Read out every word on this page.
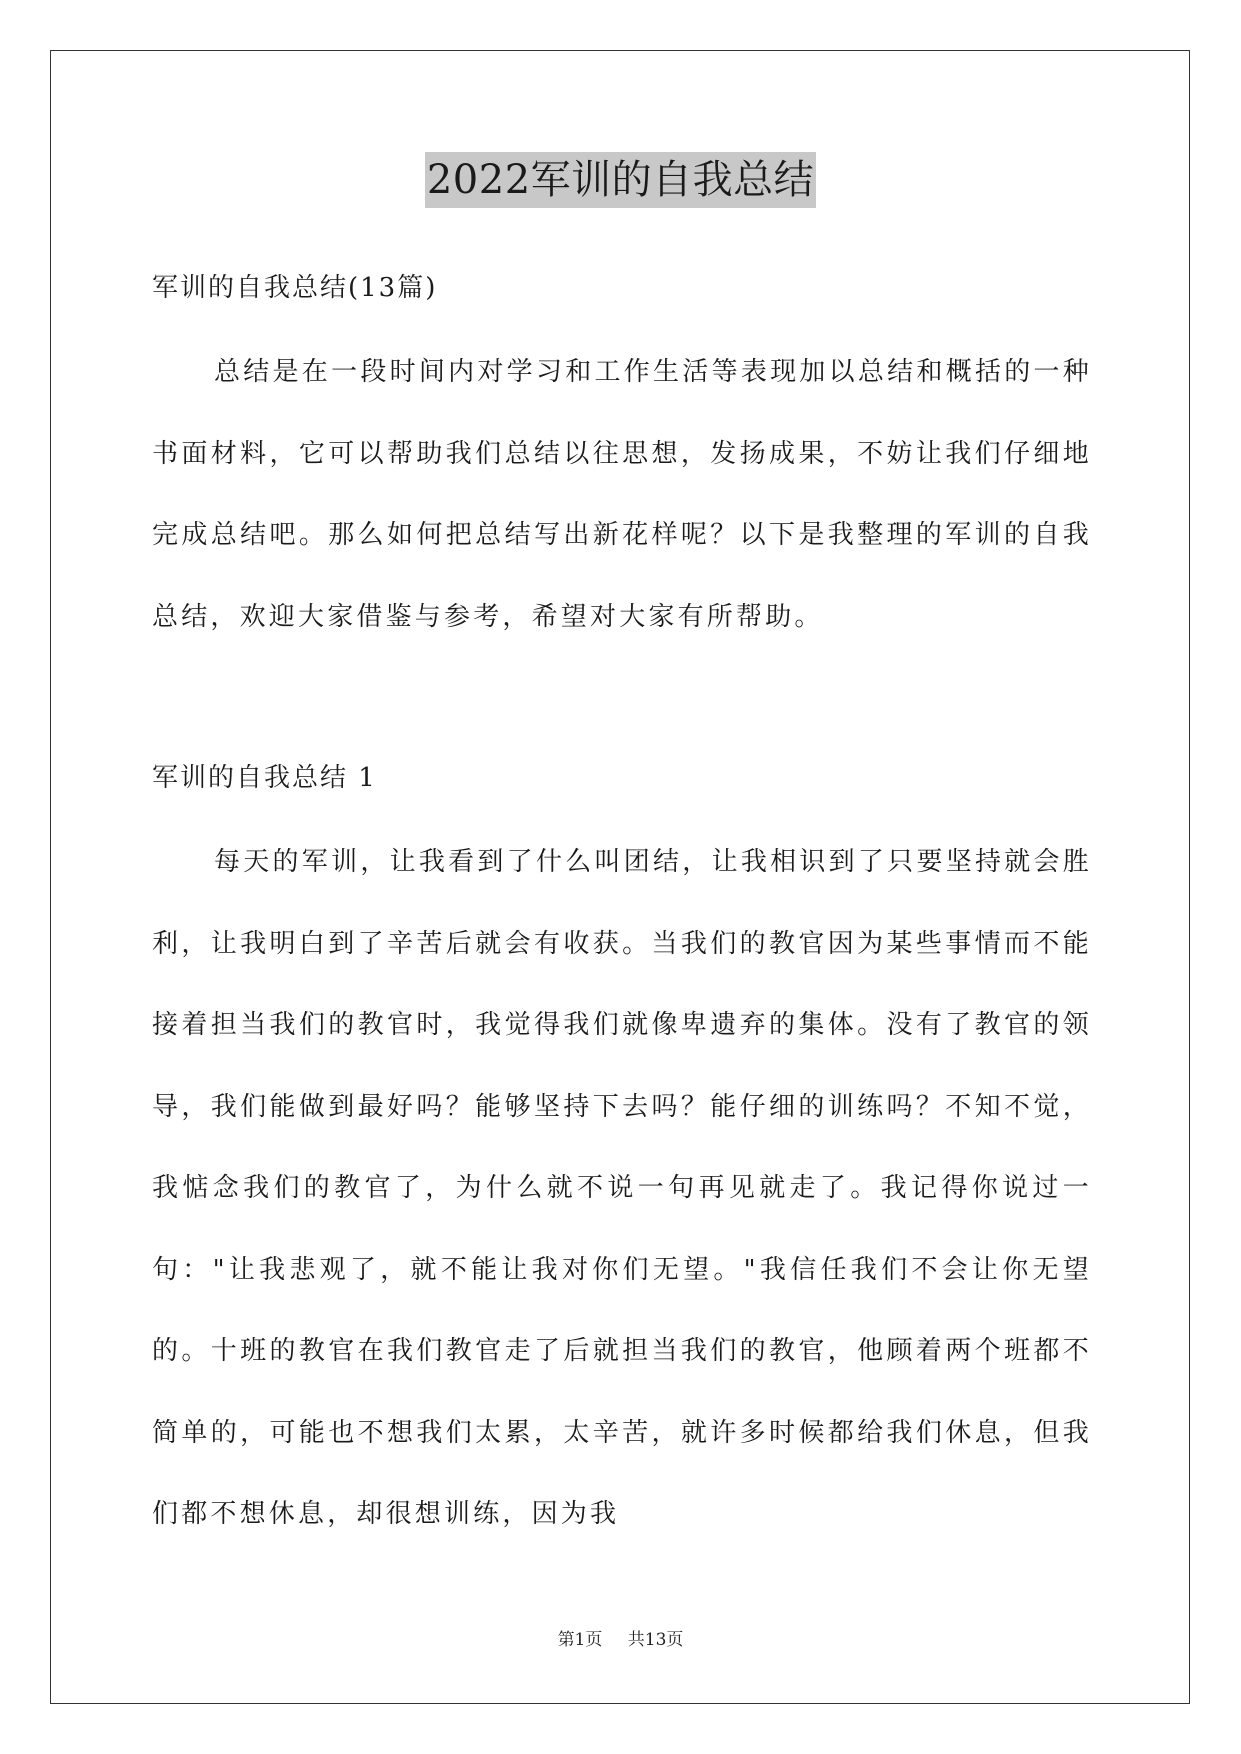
2022军训的自我总结
军训的自我总结(13篇)

总结是在一段时间内对学习和工作生活等表现加以总结和概括的一种书面材料，它可以帮助我们总结以往思想，发扬成果，不妨让我们仔细地完成总结吧。那么如何把总结写出新花样呢？以下是我整理的军训的自我总结，欢迎大家借鉴与参考，希望对大家有所帮助。

军训的自我总结 1

每天的军训，让我看到了什么叫团结，让我相识到了只要坚持就会胜利，让我明白到了辛苦后就会有收获。当我们的教官因为某些事情而不能接着担当我们的教官时，我觉得我们就像卑遗弃的集体。没有了教官的领导，我们能做到最好吗？能够坚持下去吗？能仔细的训练吗？不知不觉，我惦念我们的教官了，为什么就不说一句再见就走了。我记得你说过一句："让我悲观了，就不能让我对你们无望。"我信任我们不会让你无望的。十班的教官在我们教官走了后就担当我们的教官，他顾着两个班都不简单的，可能也不想我们太累，太辛苦，就许多时候都给我们休息，但我们都不想休息，却很想训练，因为我

第1页 共13页
